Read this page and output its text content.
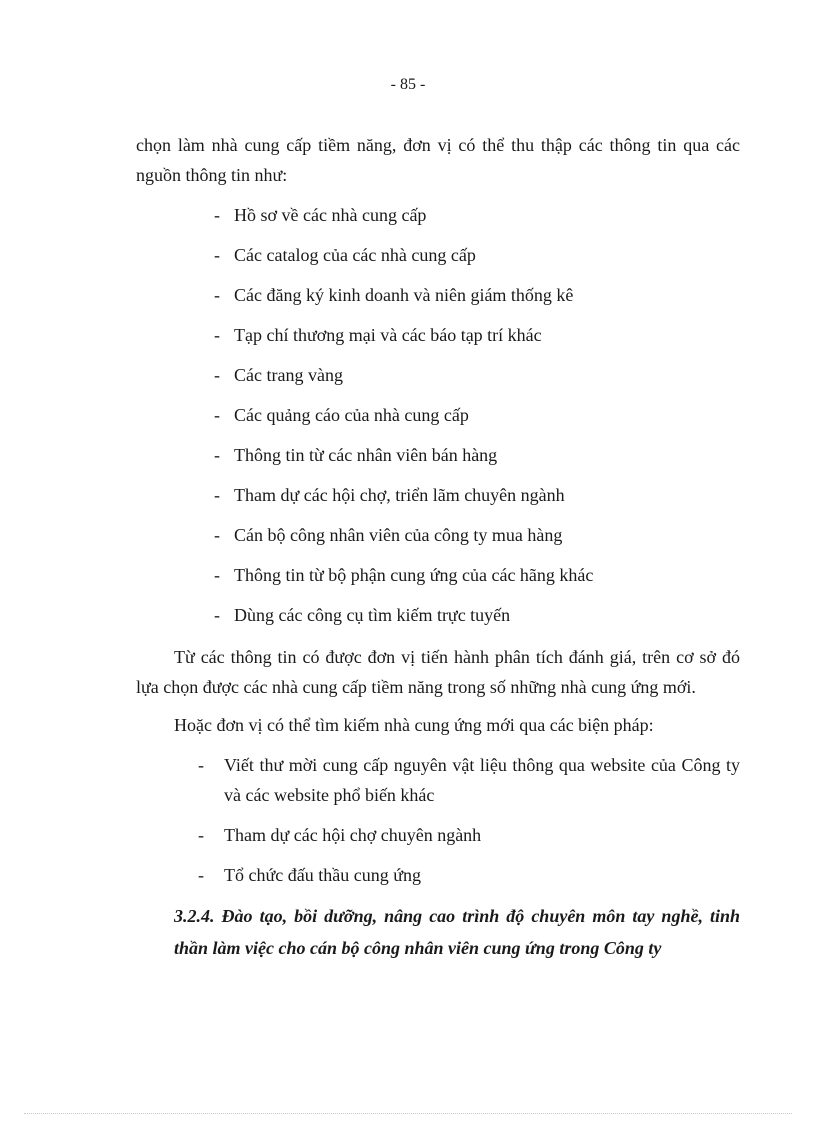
- 85 -

chọn làm nhà cung cấp tiềm năng, đơn vị có thể thu thập các thông tin qua các nguồn thông tin như:

- Hồ sơ về các nhà cung cấp
- Các catalog của các nhà cung cấp
- Các đăng ký kinh doanh và niên giám thống kê
- Tạp chí thương mại và các báo tạp trí khác
- Các trang vàng
- Các quảng cáo của nhà cung cấp
- Thông tin từ các nhân viên bán hàng
- Tham dự các hội chợ, triển lãm chuyên ngành
- Cán bộ công nhân viên của công ty mua hàng
- Thông tin từ bộ phận cung ứng của các hãng khác
- Dùng các công cụ tìm kiếm trực tuyến

Từ các thông tin có được đơn vị tiến hành phân tích đánh giá, trên cơ sở đó lựa chọn được các nhà cung cấp tiềm năng trong số những nhà cung ứng mới.

Hoặc đơn vị có thể tìm kiếm nhà cung ứng mới qua các biện pháp:

- Viết thư mời cung cấp nguyên vật liệu thông qua website của Công ty và các website phổ biến khác
- Tham dự các hội chợ chuyên ngành
- Tổ chức đấu thầu cung ứng

3.2.4. Đào tạo, bồi dưỡng, nâng cao trình độ chuyên môn tay nghề, tinh thần làm việc cho cán bộ công nhân viên cung ứng trong Công ty
